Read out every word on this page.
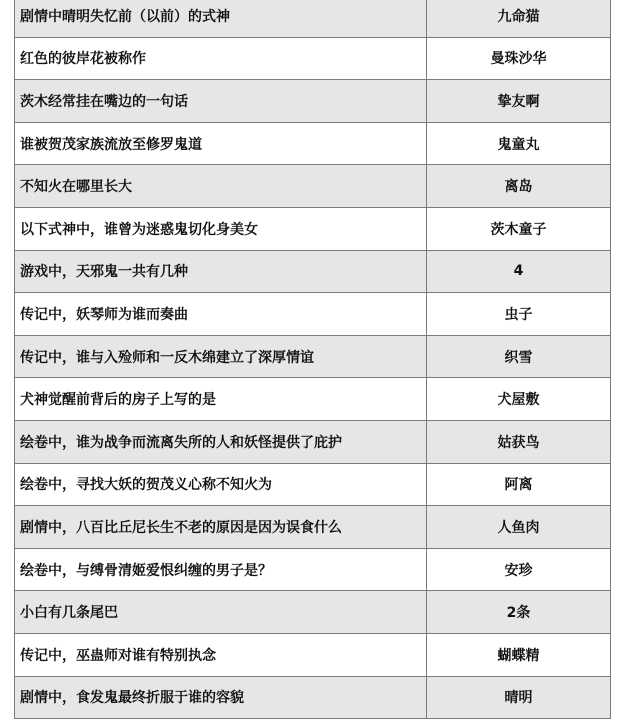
剧情中晴明失忆前（以前）的式神	九命猫
红色的彼岸花被称作	曼珠沙华
茨木经常挂在嘴边的一句话	挚友啊
谁被贺茂家族流放至修罗鬼道	鬼童丸
不知火在哪里长大	离岛
以下式神中，谁曾为迷惑鬼切化身美女	茨木童子
游戏中，天邪鬼一共有几种	4
传记中，妖琴师为谁而奏曲	虫子
传记中，谁与入殓师和一反木绵建立了深厚情谊	织雪
犬神觉醒前背后的房子上写的是	犬屋敷
绘卷中，谁为战争而流离失所的人和妖怪提供了庇护	姑获鸟
绘卷中，寻找大妖的贺茂义心称不知火为	阿离
剧情中，八百比丘尼长生不老的原因是因为误食什么	人鱼肉
绘卷中，与缚骨清姬爱恨纠缠的男子是？	安珍
小白有几条尾巴	2条
传记中，巫蛊师对谁有特别执念	蝴蝶精
剧情中，食发鬼最终折服于谁的容貌	晴明
